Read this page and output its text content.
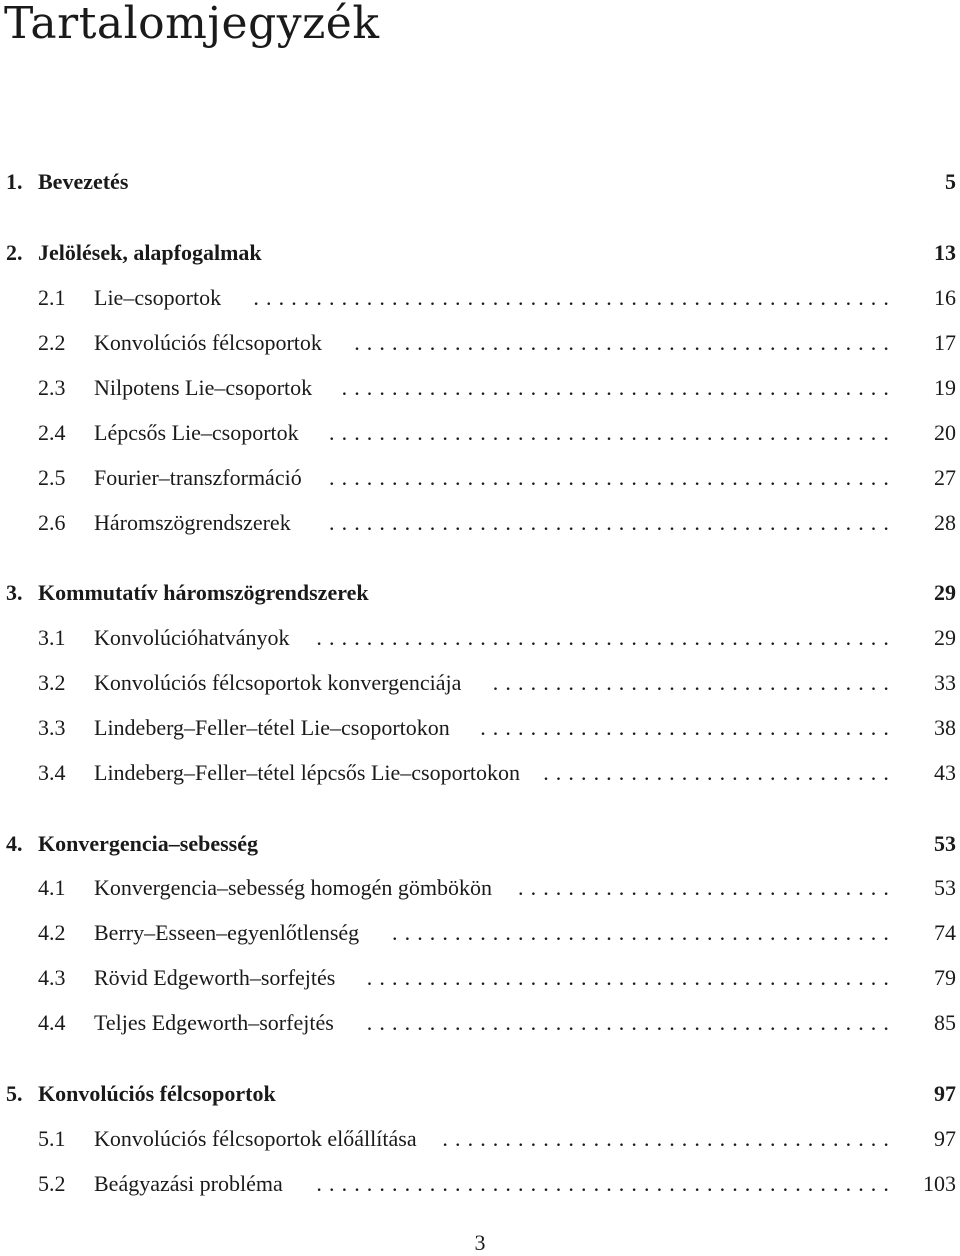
Tartalomjegyzék
1. Bevezetés	5
2. Jelölések, alapfogalmak	13
2.1 Lie–csoportok	................................................... 16
2.2 Konvolúciós félcsoportok	........................................... 17
2.3 Nilpotens Lie–csoportok	............................................ 19
2.4 Lépcsős Lie–csoportok	............................................. 20
2.5 Fourier–transzformáció	............................................. 27
2.6 Háromszögrendszerek	............................................. 28
3. Kommutatív háromszögrendszerek	29
3.1 Konvolúcióhatványok	.............................................. 29
3.2 Konvolúciós félcsoportok konvergenciája	................................ 33
3.3 Lindeberg–Feller–tétel Lie–csoportokon	................................. 38
3.4 Lindeberg–Feller–tétel lépcsős Lie–csoportokon	............................ 43
4. Konvergencia–sebesség	53
4.1 Konvergencia–sebesség homogén gömbökön	.............................. 53
4.2 Berry–Esseen–egyenlőtlenség	........................................ 74
4.3 Rövid Edgeworth–sorfejtés	.......................................... 79
4.4 Teljes Edgeworth–sorfejtés	.......................................... 85
5. Konvolúciós félcsoportok	97
5.1 Konvolúciós félcsoportok előállítása	.................................... 97
5.2 Beágyazási probléma	.............................................. 103
3
